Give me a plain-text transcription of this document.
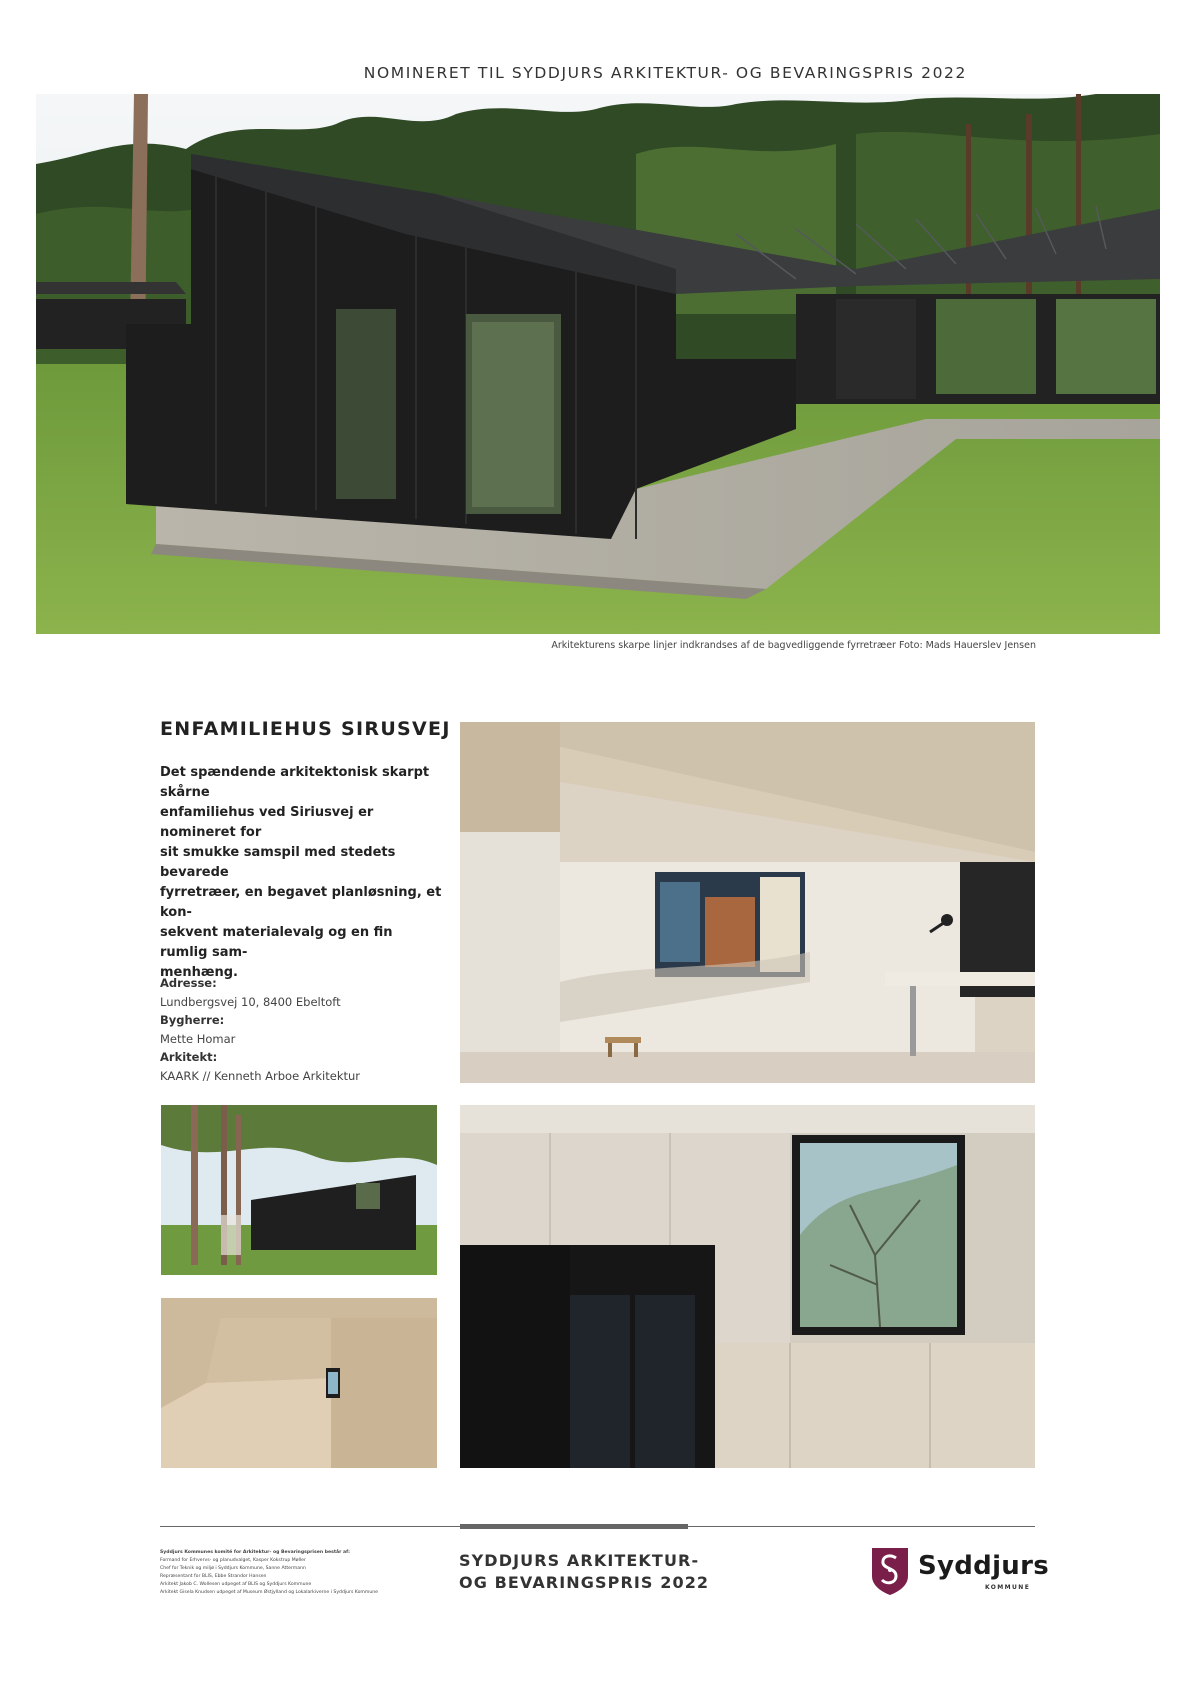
NOMINERET TIL SYDDJURS ARKITEKTUR- OG BEVARINGSPRIS 2022
Arkitekturens skarpe linjer indkrandses af de bagvedliggende fyrretræer Foto: Mads Hauerslev Jensen
ENFAMILIEHUS SIRUSVEJ
Det spændende arkitektonisk skarpt skårne
enfamiliehus ved Siriusvej er nomineret for
sit smukke samspil med stedets bevarede
fyrretræer, en begavet planløsning, et kon-
sekvent materialevalg og en fin rumlig sam-
menhæng.
Adresse:
Lundbergsvej 10, 8400 Ebeltoft
Bygherre:
Mette Homar
Arkitekt:
KAARK // Kenneth Arboe Arkitektur
Syddjurs Kommunes komité for Arkitektur- og Bevaringsprisen består af:
Formand for Erhvervs- og planudvalget, Kasper Kokstrup Møller
Chef for Teknik og miljø i Syddjurs Kommune, Sanne Attermann
Repræsentant for BLIS, Ebbe Strandor Hansen
Arkitekt Jakob C. Wollesen udpeget af BLIS og Syddjurs Kommune
Arkitekt Gisela Knudsen udpeget af Museum Østjylland og Lokalarkiverne i Syddjurs Kommune
SYDDJURS ARKITEKTUR-
OG BEVARINGSPRIS 2022
Syddjurs
KOMMUNE
